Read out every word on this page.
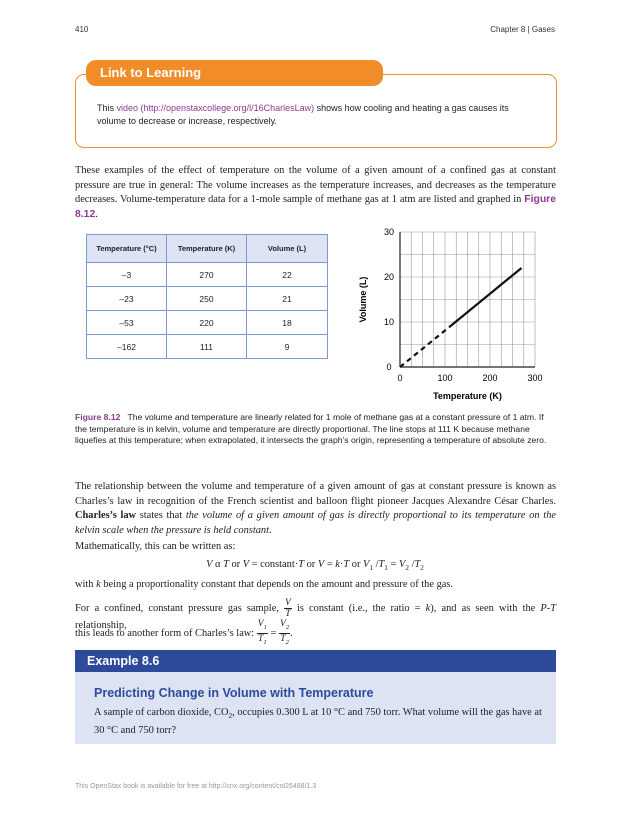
410	Chapter 8 | Gases
Link to Learning
This video (http://openstaxcollege.org/l/16CharlesLaw) shows how cooling and heating a gas causes its volume to decrease or increase, respectively.
These examples of the effect of temperature on the volume of a given amount of a confined gas at constant pressure are true in general: The volume increases as the temperature increases, and decreases as the temperature decreases. Volume-temperature data for a 1-mole sample of methane gas at 1 atm are listed and graphed in Figure 8.12.
Temperature (°C)	Temperature (K)	Volume (L)
–3	270	22
–23	250	21
–53	220	18
–162	111	9
0	100	200	300
0
10
20
30
Temperature (K)
Volume (L)
Figure 8.12 The volume and temperature are linearly related for 1 mole of methane gas at a constant pressure of 1 atm. If the temperature is in kelvin, volume and temperature are directly proportional. The line stops at 111 K because methane liquefies at this temperature; when extrapolated, it intersects the graph’s origin, representing a temperature of absolute zero.
The relationship between the volume and temperature of a given amount of gas at constant pressure is known as Charles’s law in recognition of the French scientist and balloon flight pioneer Jacques Alexandre César Charles. Charles’s law states that the volume of a given amount of gas is directly proportional to its temperature on the kelvin scale when the pressure is held constant.
Mathematically, this can be written as:
V α T or V = constant·T or V = k·T or $V_1$ $/T_1 = V_2$ $/T_2$
with k being a proportionality constant that depends on the amount and pressure of the gas.
For a confined, constant pressure gas sample, $\frac{V}{T}$ is constant (i.e., the ratio = k), and as seen with the P-T relationship,
this leads to another form of Charles’s law: $\frac{V_1}{T_1} = \frac{V_2}{T_2}$ .
Example 8.6
Predicting Change in Volume with Temperature
A sample of carbon dioxide, $CO_2$, occupies 0.300 L at 10 °C and 750 torr. What volume will the gas have at 30 °C and 750 torr?
This OpenStax book is available for free at http://cnx.org/content/col26488/1.3
